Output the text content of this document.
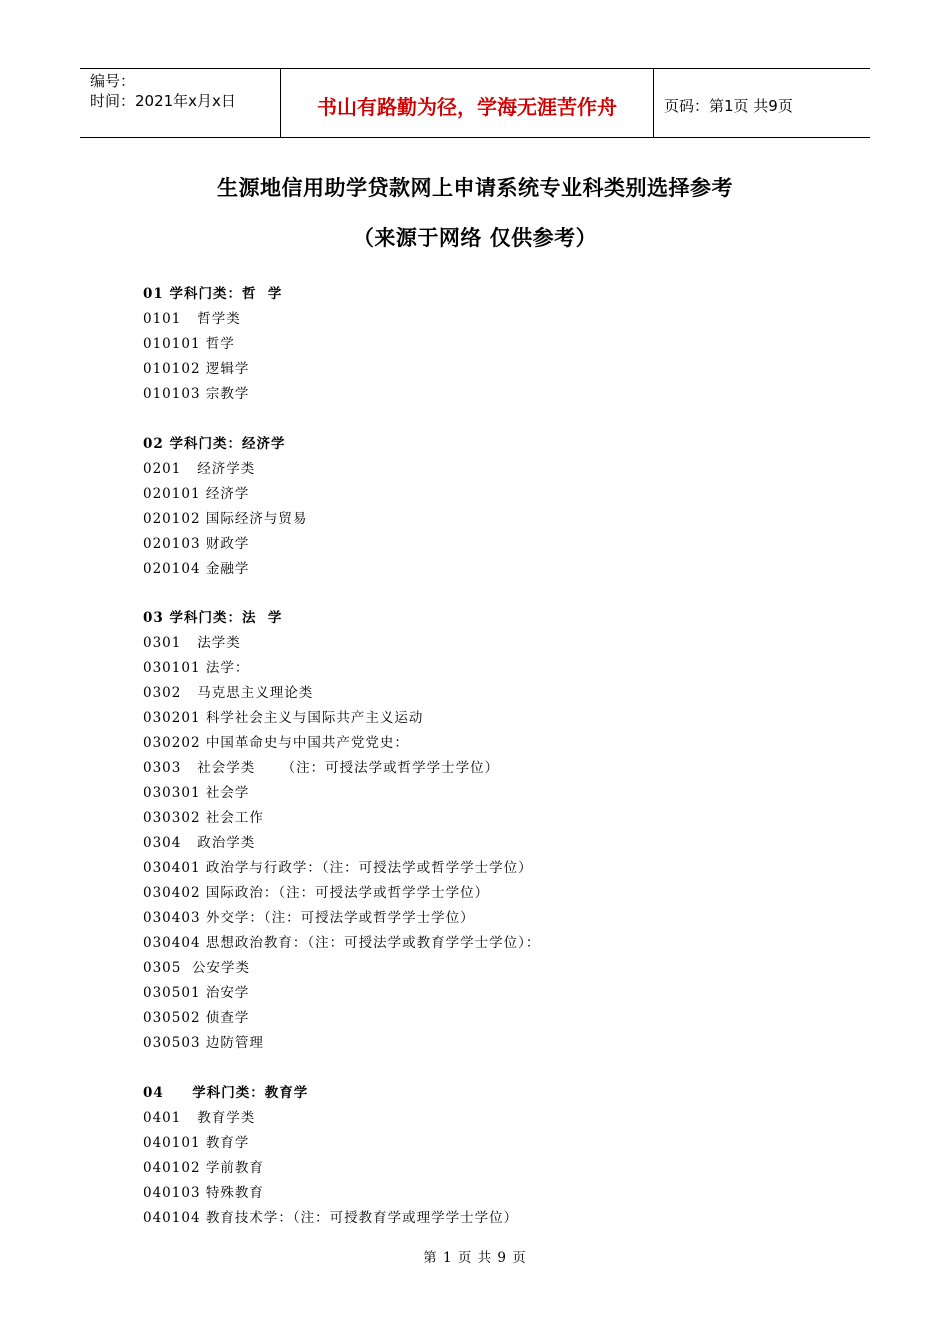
编号：
时间：2021年x月x日	书山有路勤为径，学海无涯苦作舟	页码：第1页 共9页
生源地信用助学贷款网上申请系统专业科类别选择参考
（来源于网络 仅供参考）
01 学科门类：哲  学
0101   哲学类
010101 哲学
010102 逻辑学
010103 宗教学
02 学科门类：经济学
0201   经济学类
020101 经济学
020102 国际经济与贸易
020103 财政学
020104 金融学
03 学科门类：法  学
0301   法学类
030101 法学：
0302   马克思主义理论类
030201 科学社会主义与国际共产主义运动
030202 中国革命史与中国共产党党史：
0303   社会学类     （注：可授法学或哲学学士学位）
030301 社会学
030302 社会工作
0304   政治学类
030401 政治学与行政学：（注：可授法学或哲学学士学位）
030402 国际政治：（注：可授法学或哲学学士学位）
030403 外交学：（注：可授法学或哲学学士学位）
030404 思想政治教育：（注：可授法学或教育学学士学位）：
0305  公安学类
030501 治安学
030502 侦查学
030503 边防管理
04     学科门类：教育学
0401   教育学类
040101 教育学
040102 学前教育
040103 特殊教育
040104 教育技术学：（注：可授教育学或理学学士学位）
第 1 页 共 9 页
